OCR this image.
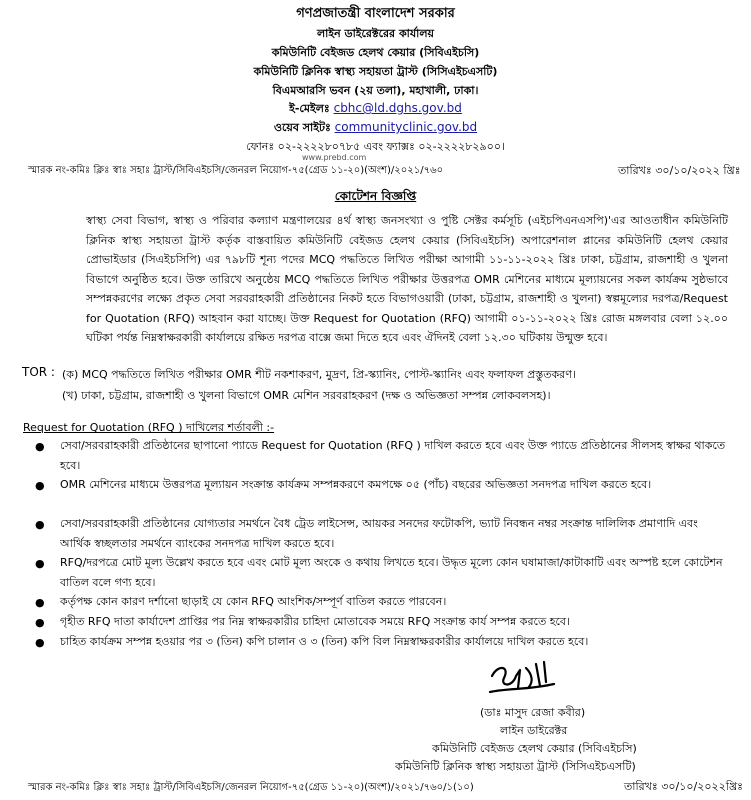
গণপ্রজাতন্ত্রী বাংলাদেশ সরকার
লাইন ডাইরেক্টরের কার্যালয়
কমিউনিটি বেইজড হেলথ কেয়ার (সিবিএইচসি)
কমিউনিটি ক্লিনিক স্বাস্থ্য সহায়তা ট্রাস্ট (সিসিএইচএসটি)
বিএমআরসি ভবন (২য় তলা), মহাখালী, ঢাকা।
ই-মেইলঃ cbhc@ld.dghs.gov.bd
ওয়েব সাইটঃ communityclinic.gov.bd
ফোনঃ ০২-২২২২৮০৭৮৫ এবং ফ্যাক্সঃ ০২-২২২২৮২৯০০।
www.prebd.com
স্মারক নং-কমিঃ ক্লিঃ স্বাঃ সহাঃ ট্রাস্ট/সিবিএইচসি/জেনরল নিয়োগ-৭৫(গ্রেড ১১-২০)(অংশ)/২০২১/৭৬০	তারিখঃ ৩০/১০/২০২২ খ্রিঃ
কোটেশন বিজ্ঞপ্তি
স্বাস্থ্য সেবা বিভাগ, স্বাস্থ্য ও পরিবার কল্যাণ মন্ত্রণালয়ের ৪র্থ স্বাস্থ্য জনসংখ্যা ও পুষ্টি সেক্টর কর্মসূচি (এইচপিএনএসপি)'এর আওতাধীন কমিউনিটি ক্লিনিক স্বাস্থ্য সহায়তা ট্রাস্ট কর্তৃক বাস্তবায়িত কমিউনিটি বেইজড হেলথ কেয়ার (সিবিএইচসি) অপারেশনাল প্লানের কমিউনিটি হেলথ কেয়ার প্রোভাইডার (সিএইচসিপি) এর ৭৯৮টি শূন্য পদের MCQ পদ্ধতিতে লিখিত পরীক্ষা আগামী ১১-১১-২০২২ খ্রিঃ ঢাকা, চট্টগ্রাম, রাজশাহী ও খুলনা বিভাগে অনুষ্ঠিত হবে। উক্ত তারিখে অনুষ্ঠেয় MCQ পদ্ধতিতে লিখিত পরীক্ষার উত্তরপত্র OMR মেশিনের মাধ্যমে মূল্যায়নের সকল কার্যক্রম সুষ্ঠভাবে সম্পন্নকরণের লক্ষ্যে প্রকৃত সেবা সরবরাহকারী প্রতিষ্ঠানের নিকট হতে বিভাগওয়ারী (ঢাকা, চট্টগ্রাম, রাজশাহী ও খুলনা) স্বল্পমূল্যের দরপত্র/Request for Quotation (RFQ) আহবান করা যাচ্ছে। উক্ত Request for Quotation (RFQ) আগামী ০১-১১-২০২২ খ্রিঃ রোজ মঙ্গলবার বেলা ১২.০০ ঘটিকা পর্যন্ত নিম্নস্বাক্ষরকারী কার্যালয়ে রক্ষিত দরপত্র বাক্সে জমা দিতে হবে এবং ঐদিনই বেলা ১২.৩০ ঘটিকায় উন্মুক্ত হবে।
TOR : (ক) MCQ পদ্ধতিতে লিখিত পরীক্ষার OMR শীট নকশাকরণ, মুদ্রণ, প্রি-স্ক্যানিং, পোস্ট-স্ক্যানিং এবং ফলাফল প্রস্তুতকরণ।
(খ) ঢাকা, চট্টগ্রাম, রাজশাহী ও খুলনা বিভাগে OMR মেশিন সরবরাহকরণ (দক্ষ ও অভিজ্ঞতা সম্পন্ন লোকবলসহ)।
Request for Quotation (RFQ ) দাখিলের শর্তাবলী :-
● সেবা/সরবরাহকারী প্রতিষ্ঠানের ছাপানো প্যাডে Request for Quotation (RFQ ) দাখিল করতে হবে এবং উক্ত প্যাডে প্রতিষ্ঠানের সীলসহ স্বাক্ষর থাকতে হবে।
● OMR মেশিনের মাধ্যমে উত্তরপত্র মূল্যায়ন সংক্রান্ত কার্যক্রম সম্পন্নকরণে কমপক্ষে ০৫ (পাঁচ) বছরের অভিজ্ঞতা সনদপত্র দাখিল করতে হবে।
● সেবা/সরবরাহকারী প্রতিষ্ঠানের যোগ্যতার সমর্থনে বৈধ ট্রেড লাইসেন্স, আয়কর সনদের ফটোকপি, ভ্যাট নিবন্ধন নম্বর সংক্রান্ত দালিলিক প্রমাণাদি এবং আর্থিক স্বচ্ছলতার সমর্থনে ব্যাংকের সনদপত্র দাখিল করতে হবে।
● RFQ/দরপত্রে মোট মূল্য উল্লেখ করতে হবে এবং মোট মূল্য অংকে ও কথায় লিখতে হবে। উদ্ধৃত মূল্যে কোন ঘষামাজা/কাটাকাটি এবং অস্পষ্ট হলে কোটেশন বাতিল বলে গণ্য হবে।
● কর্তৃপক্ষ কোন কারণ দর্শানো ছাড়াই যে কোন RFQ আংশিক/সম্পূর্ণ বাতিল করতে পারবেন।
● গৃহীত RFQ দাতা কার্যাদেশ প্রাপ্তির পর নিম্ন স্বাক্ষরকারীর চাহিদা মোতাবেক সময়ে RFQ সংক্রান্ত কার্য সম্পন্ন করতে হবে।
● চাহিত কার্যক্রম সম্পন্ন হওয়ার পর ৩ (তিন) কপি চালান ও ৩ (তিন) কপি বিল নিম্নস্বাক্ষরকারীর কার্যালয়ে দাখিল করতে হবে।
(ডাঃ মাসুদ রেজা কবীর)
লাইন ডাইরেক্টর
কমিউনিটি বেইজড হেলথ কেয়ার (সিবিএইচসি)
কমিউনিটি ক্লিনিক স্বাস্থ্য সহায়তা ট্রাস্ট (সিসিএইচএসটি)
স্মারক নং-কমিঃ ক্লিঃ স্বাঃ সহাঃ ট্রাস্ট/সিবিএইচসি/জেনরল নিয়োগ-৭৫(গ্রেড ১১-২০)(অংশ)/২০২১/৭৬০/১(১০)	তারিখঃ ৩০/১০/২০২২খ্রিঃ
